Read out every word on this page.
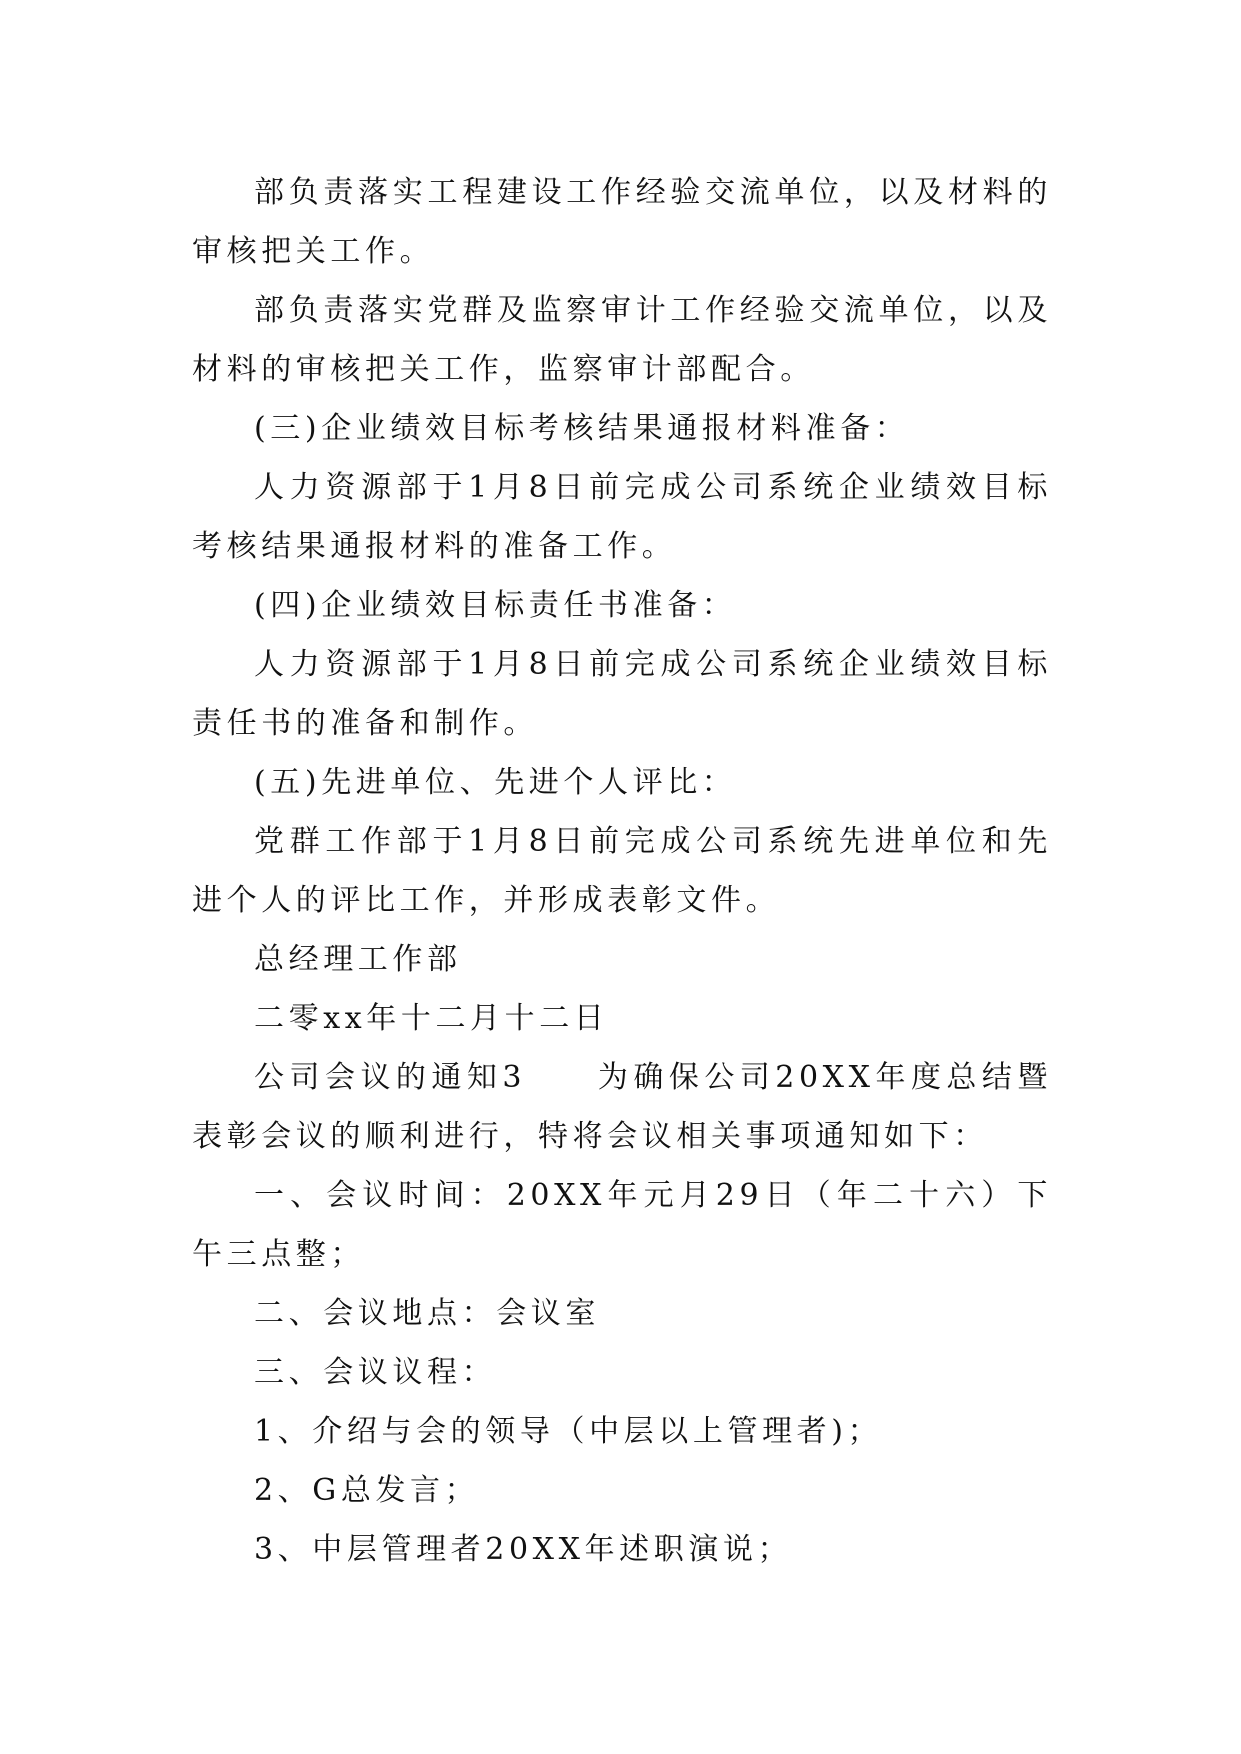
部负责落实工程建设工作经验交流单位，以及材料的审核把关工作。

部负责落实党群及监察审计工作经验交流单位，以及材料的审核把关工作，监察审计部配合。

(三)企业绩效目标考核结果通报材料准备：

人力资源部于1月8日前完成公司系统企业绩效目标考核结果通报材料的准备工作。

(四)企业绩效目标责任书准备：

人力资源部于1月8日前完成公司系统企业绩效目标责任书的准备和制作。

(五)先进单位、先进个人评比：

党群工作部于1月8日前完成公司系统先进单位和先进个人的评比工作，并形成表彰文件。

总经理工作部

二零xx年十二月十二日

公司会议的通知3　　为确保公司20XX年度总结暨表彰会议的顺利进行，特将会议相关事项通知如下：

一、会议时间：20XX年元月29日（年二十六）下午三点整；

二、会议地点：会议室

三、会议议程：

1、介绍与会的领导（中层以上管理者)；

2、G总发言；

3、中层管理者20XX年述职演说；
